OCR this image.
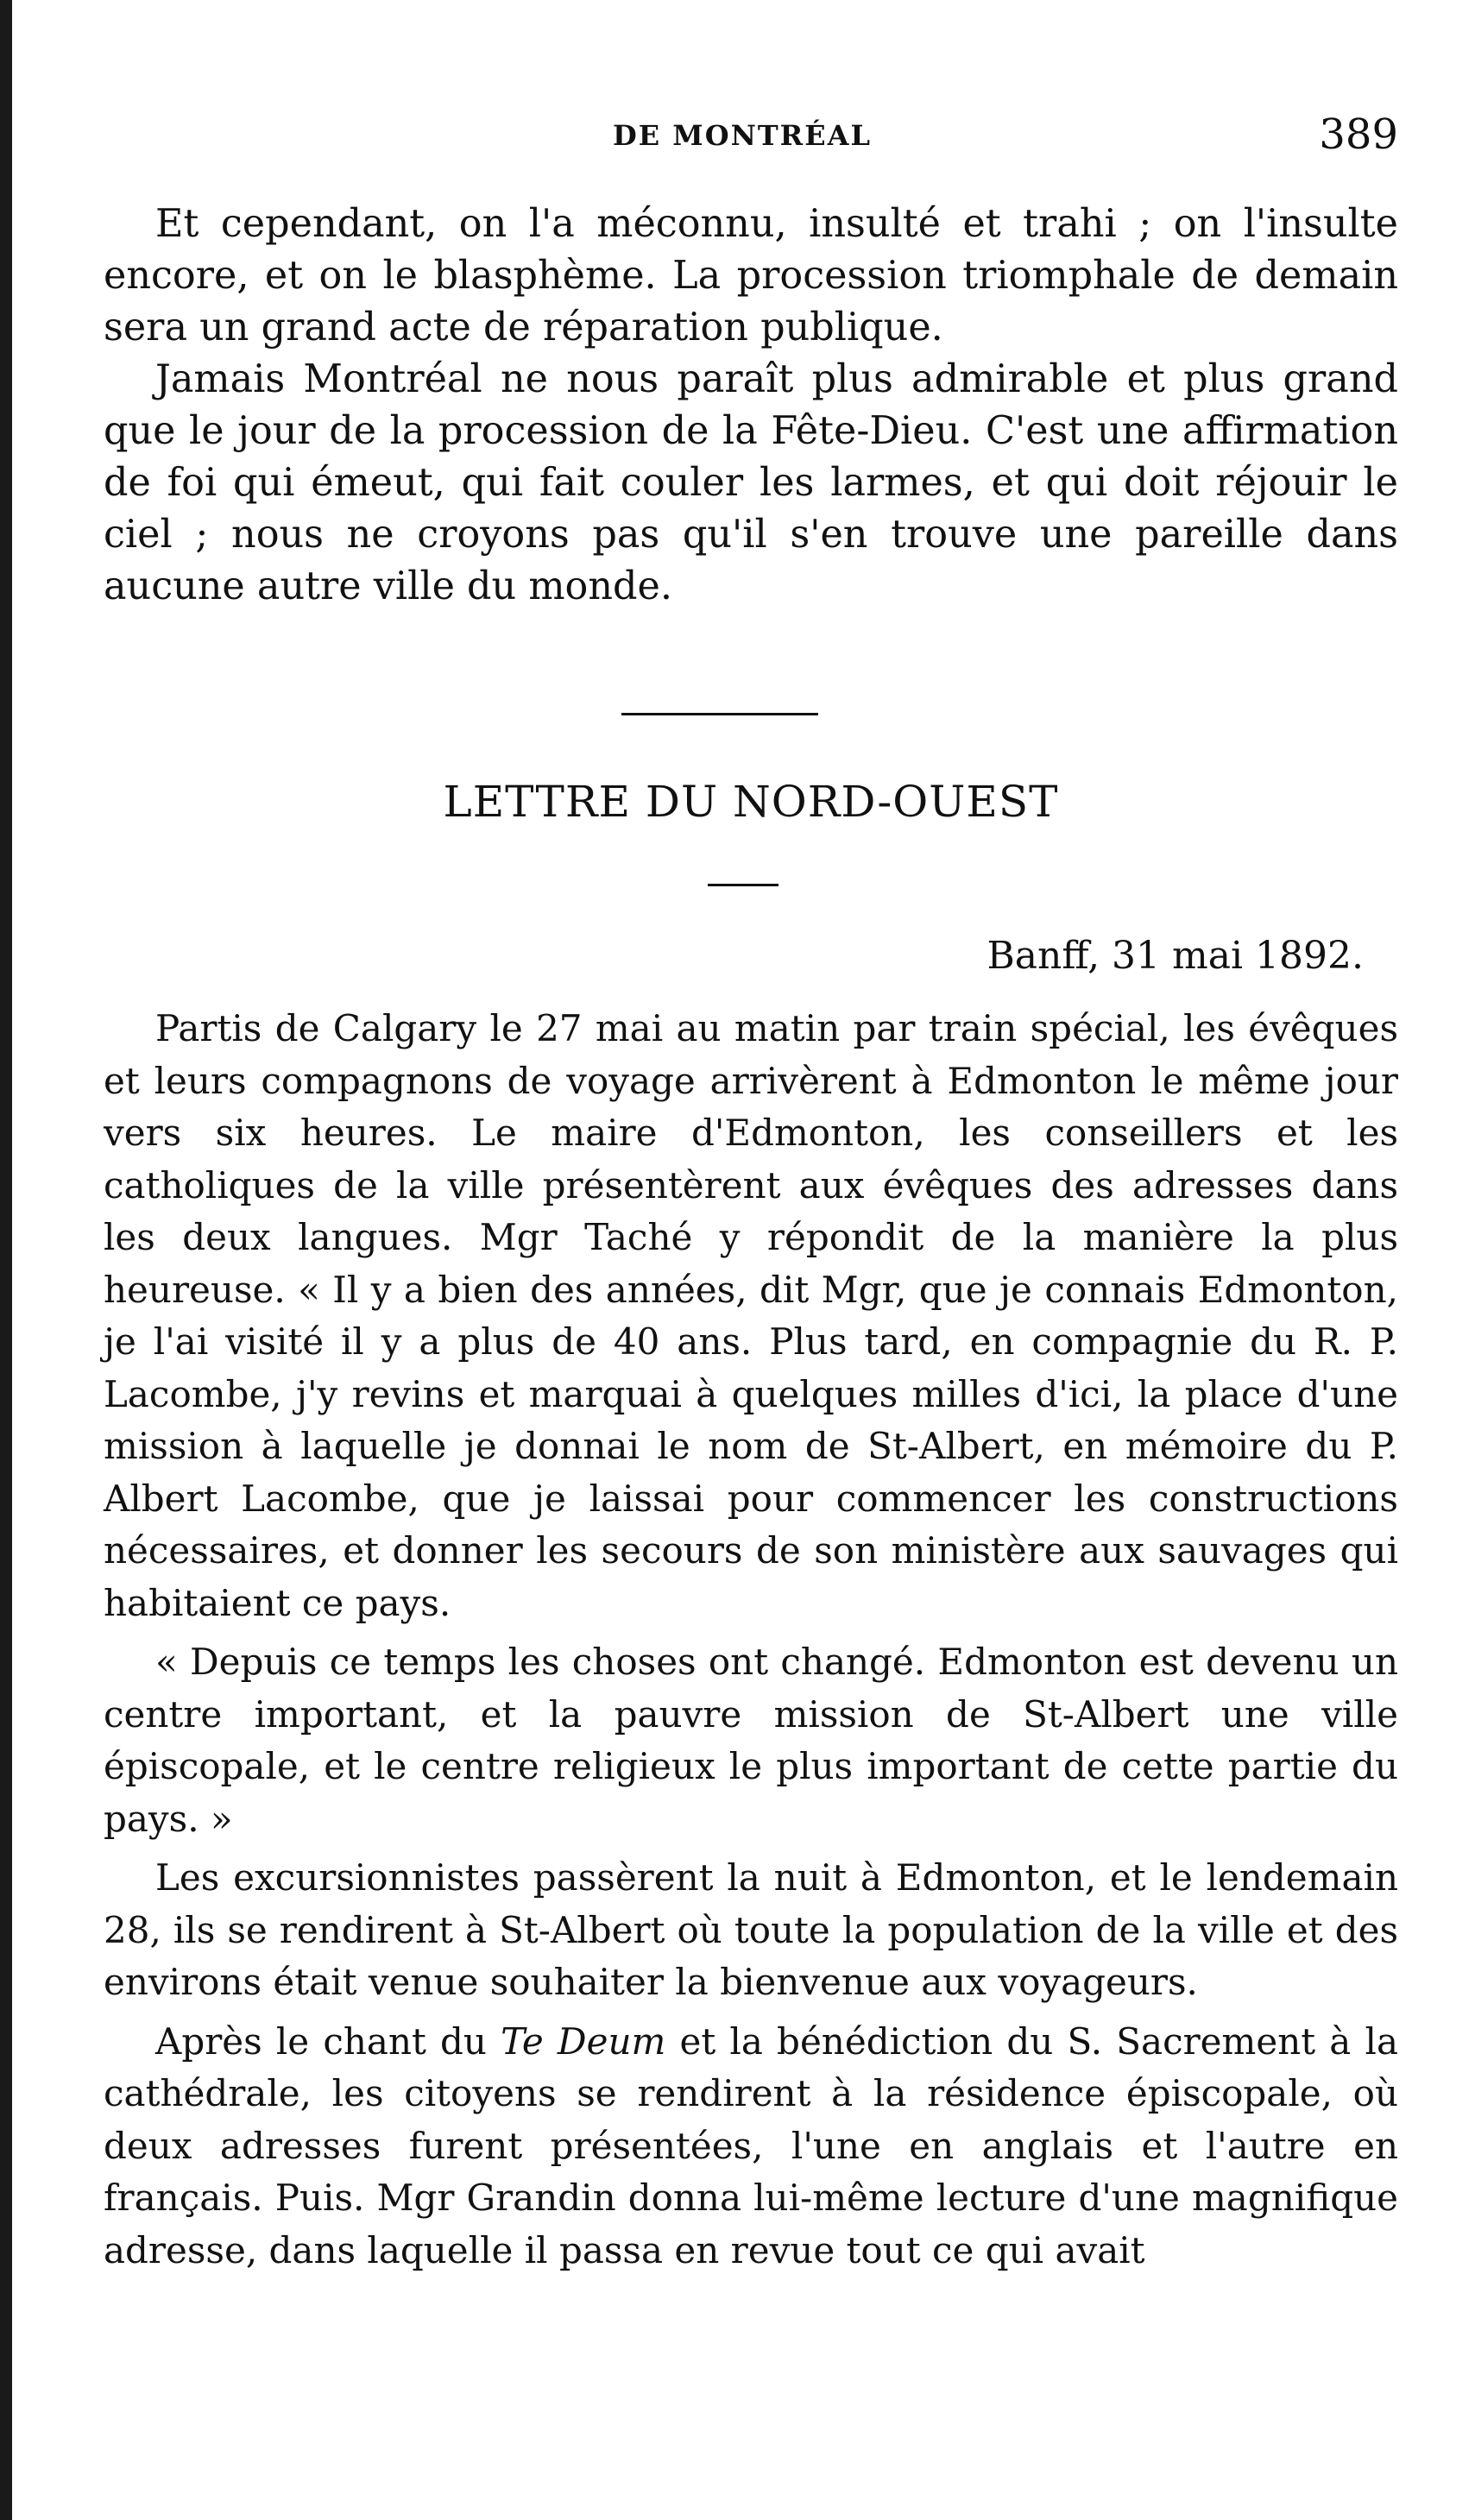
DE MONTRÉAL	389

Et cependant, on l'a méconnu, insulté et trahi ; on l'insulte encore, et on le blasphème. La procession triomphale de demain sera un grand acte de réparation publique.

Jamais Montréal ne nous paraît plus admirable et plus grand que le jour de la procession de la Fête-Dieu. C'est une affirmation de foi qui émeut, qui fait couler les larmes, et qui doit réjouir le ciel ; nous ne croyons pas qu'il s'en trouve une pareille dans aucune autre ville du monde.

LETTRE DU NORD-OUEST
Banff, 31 mai 1892.

Partis de Calgary le 27 mai au matin par train spécial, les évêques et leurs compagnons de voyage arrivèrent à Edmonton le même jour vers six heures. Le maire d'Edmonton, les conseillers et les catholiques de la ville présentèrent aux évêques des adresses dans les deux langues. Mgr Taché y répondit de la manière la plus heureuse. « Il y a bien des années, dit Mgr, que je connais Edmonton, je l'ai visité il y a plus de 40 ans. Plus tard, en compagnie du R. P. Lacombe, j'y revins et marquai à quelques milles d'ici, la place d'une mission à laquelle je donnai le nom de St-Albert, en mémoire du P. Albert Lacombe, que je laissai pour commencer les constructions nécessaires, et donner les secours de son ministère aux sauvages qui habitaient ce pays.

« Depuis ce temps les choses ont changé. Edmonton est devenu un centre important, et la pauvre mission de St-Albert une ville épiscopale, et le centre religieux le plus important de cette partie du pays. »

Les excursionnistes passèrent la nuit à Edmonton, et le lendemain 28, ils se rendirent à St-Albert où toute la population de la ville et des environs était venue souhaiter la bienvenue aux voyageurs.

Après le chant du Te Deum et la bénédiction du S. Sacrement à la cathédrale, les citoyens se rendirent à la résidence épiscopale, où deux adresses furent présentées, l'une en anglais et l'autre en français. Puis. Mgr Grandin donna lui-même lecture d'une magnifique adresse, dans laquelle il passa en revue tout ce qui avait
